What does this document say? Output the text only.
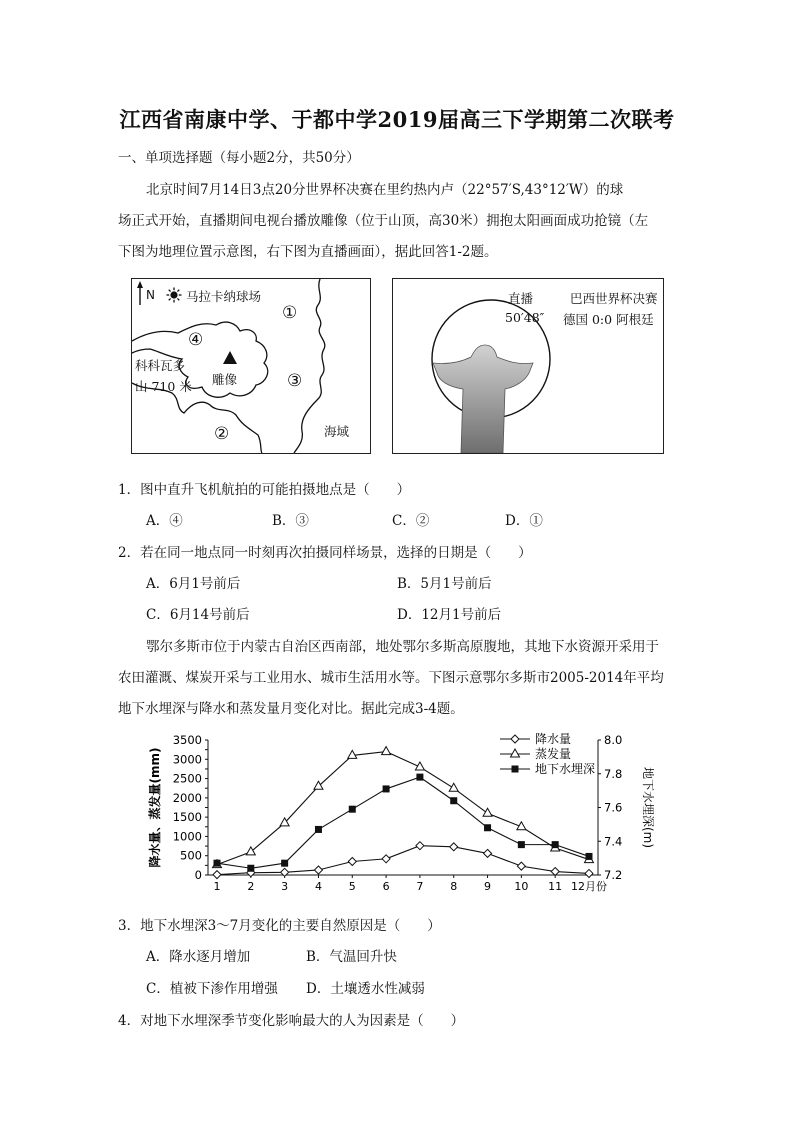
江西省南康中学、于都中学2019届高三下学期第二次联考
一、单项选择题（每小题2分，共50分）
北京时间7月14日3点20分世界杯决赛在里约热内卢（22°57′S,43°12′W）的球
场正式开始，直播期间电视台播放雕像（位于山顶，高30米）拥抱太阳画面成功抢镜（左
下图为地理位置示意图，右下图为直播画面），据此回答1-2题。
N 马拉卡纳球场
①
④
科科瓦多
山 710 米 雕像	③
②	海域
直播	巴西世界杯决赛
50′48″ 德国 0:0 阿根廷
1．图中直升飞机航拍的可能拍摄地点是（　　）
A．④	B．③	C．②	D．①
2．若在同一地点同一时刻再次拍摄同样场景，选择的日期是（　　）
A．6月1号前后	B．5月1号前后
C．6月14号前后	D．12月1号前后
鄂尔多斯市位于内蒙古自治区西南部，地处鄂尔多斯高原腹地，其地下水资源开采用于
农田灌溉、煤炭开采与工业用水、城市生活用水等。下图示意鄂尔多斯市2005-2014年平均
地下水埋深与降水和蒸发量月变化对比。据此完成3-4题。
0
500
1000
1500
2000
2500
3000
3500
7.2
7.4
7.6
7.8
8.0
1 2 3 4 5 6 7 8 9 10 11 12月份
降水量、蒸发量(mm)	地下水埋深(m)
降水量
蒸发量
地下水埋深
3．地下水埋深3～7月变化的主要自然原因是（　　）
A．降水逐月增加	B．气温回升快
C．植被下渗作用增强 D．土壤透水性减弱
4．对地下水埋深季节变化影响最大的人为因素是（　　）
